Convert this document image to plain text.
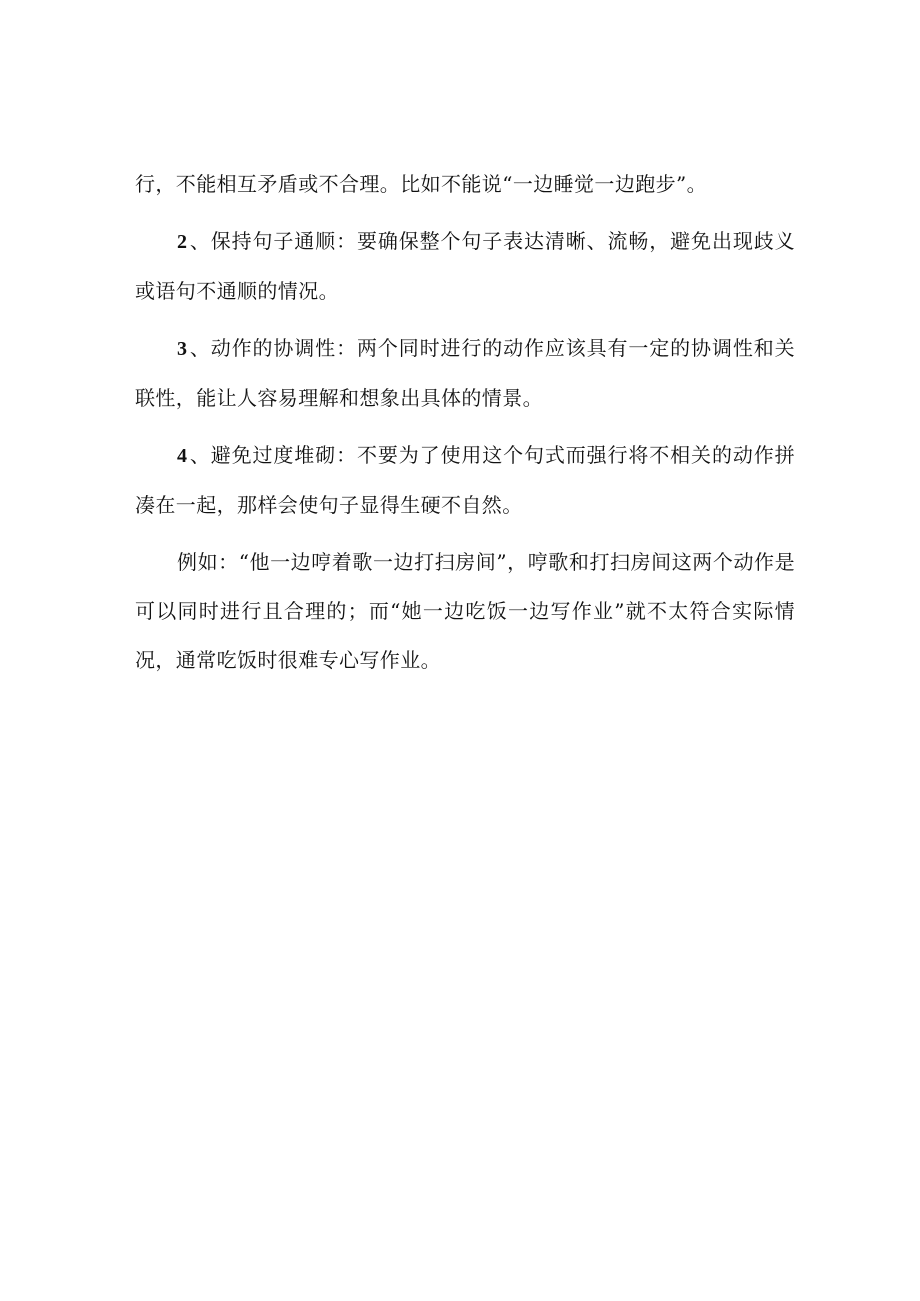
行，不能相互矛盾或不合理。比如不能说“一边睡觉一边跑步”。

2 、保持句子通顺：要确保整个句子表达清晰、流畅，避免出现歧义或语句不通顺的情况。

3 、动作的协调性：两个同时进行的动作应该具有一定的协调性和关联性，能让人容易理解和想象出具体的情景。

4 、避免过度堆砌：不要为了使用这个句式而强行将不相关的动作拼凑在一起，那样会使句子显得生硬不自然。

例如：“他一边哼着歌一边打扫房间”，哼歌和打扫房间这两个动作是可以同时进行且合理的；而“她一边吃饭一边写作业”就不太符合实际情况，通常吃饭时很难专心写作业。
